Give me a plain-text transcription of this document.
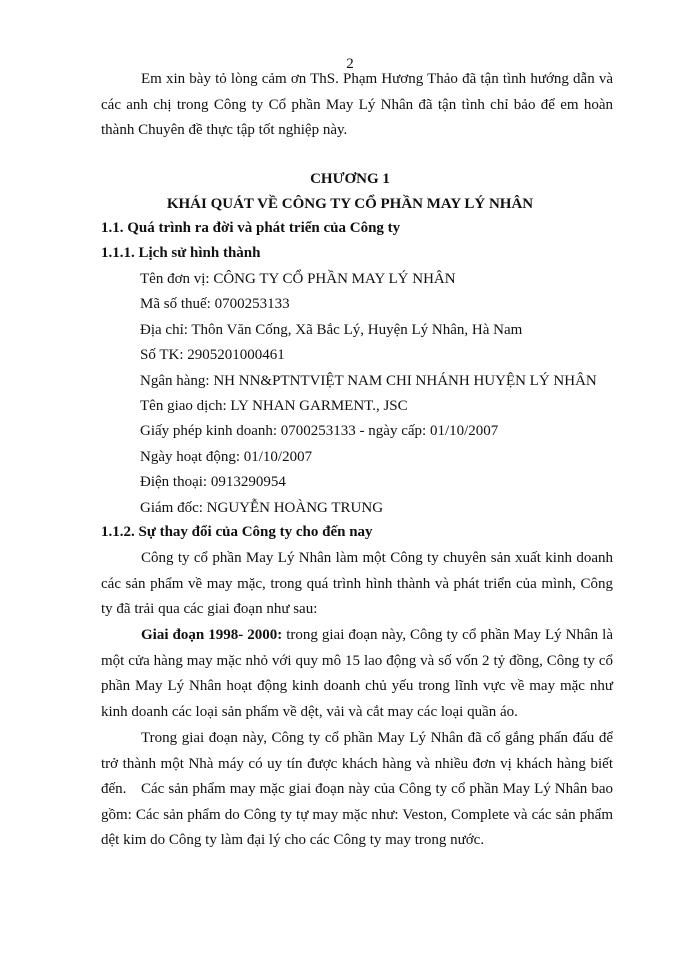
2
Em xin bày tỏ lòng cảm ơn ThS. Phạm Hương Thảo đã tận tình hướng dẫn và các anh chị trong Công ty Cổ phần May Lý Nhân đã tận tình chỉ bảo để em hoàn thành Chuyên đề thực tập tốt nghiệp này.
CHƯƠNG 1
KHÁI QUÁT VỀ CÔNG TY CỔ PHẦN MAY LÝ NHÂN
1.1. Quá trình ra đời và phát triển của Công ty
1.1.1. Lịch sử hình thành
Tên đơn vị: CÔNG TY CỔ PHẦN MAY LÝ NHÂN
Mã số thuế: 0700253133
Địa chỉ: Thôn Văn Cống, Xã Bắc Lý, Huyện Lý Nhân, Hà Nam
Số TK: 2905201000461
Ngân hàng: NH NN&PTNTVIỆT NAM CHI NHÁNH HUYỆN LÝ NHÂN
Tên giao dịch: LY NHAN GARMENT., JSC
Giấy phép kinh doanh: 0700253133 - ngày cấp: 01/10/2007
Ngày hoạt động: 01/10/2007
Điện thoại: 0913290954
Giám đốc: NGUYỄN HOÀNG TRUNG
1.1.2. Sự thay đổi của Công ty cho đến nay
Công ty cổ phần May Lý Nhân làm một Công ty chuyên sản xuất kinh doanh các sản phẩm về may mặc, trong quá trình hình thành và phát triển của mình, Công ty đã trải qua các giai đoạn như sau:
Giai đoạn 1998- 2000: trong giai đoạn này, Công ty cổ phần May Lý Nhân là một cửa hàng may mặc nhỏ với quy mô 15 lao động và số vốn 2 tỷ đồng, Công ty cổ phần May Lý Nhân hoạt động kinh doanh chủ yếu trong lĩnh vực về may mặc như kinh doanh các loại sản phẩm về dệt, vải và cắt may các loại quần áo.
Trong giai đoạn này, Công ty cổ phần May Lý Nhân đã cố gắng phấn đấu để trở thành một Nhà máy có uy tín được khách hàng và nhiều đơn vị khách hàng biết đến. Các sản phẩm may mặc giai đoạn này của Công ty cổ phần May Lý Nhân bao gồm: Các sản phẩm do Công ty tự may mặc như: Veston, Complete và các sản phẩm dệt kim do Công ty làm đại lý cho các Công ty may trong nước.
